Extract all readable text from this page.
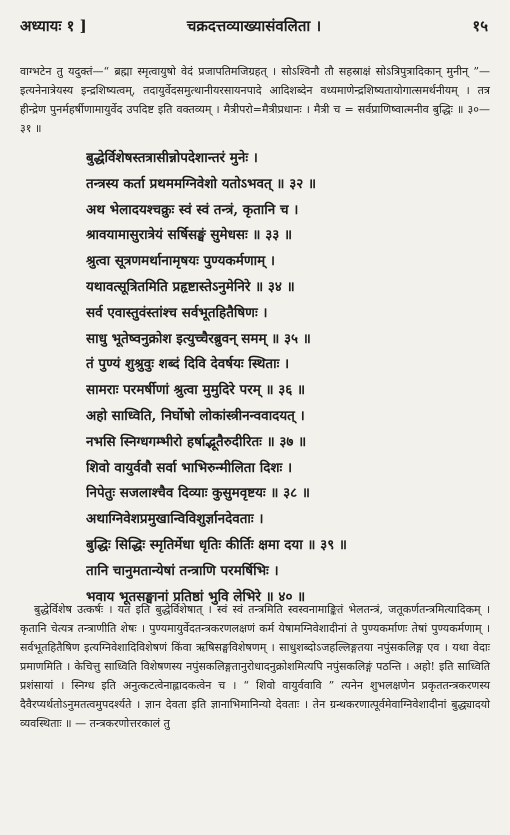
अध्यायः १ ]	चक्रदत्तव्याख्यासंवलिता ।	१५

वाग्भटेन तु यदुक्तं—“ ब्रह्मा स्मृत्वायुषो वेदं प्रजापतिमजिग्रहत् । सोऽश्विनौ तौ सहस्राक्षं सोऽत्रिपुत्रादिकान् मुनीन् ”—इत्यनेनात्रेयस्य इन्द्रशिष्यत्वम्, तदायुर्वेदसमुत्थानीयरसायनपादे आदिशब्देन वध्यमाणेन्द्रशिष्यतायोगात्समर्थनीयम् । तत्र हीन्द्रेण पुनर्महर्षीणामायुर्वेद उपदिष्ट इति वक्तव्यम् । मैत्रीपरो=मैत्रीप्रधानः । मैत्री च = सर्वप्राणिष्वात्मनीव बुद्धिः ॥ ३०—३१ ॥

बुद्धेर्विशेषस्तत्रासीन्नोपदेशान्तरं मुनेः ।
तन्त्रस्य कर्ता प्रथममग्निवेशो यतोऽभवत् ॥ ३२ ॥
अथ भेलादयश्चक्रुः स्वं स्वं तन्त्रं, कृतानि च ।
श्रावयामासुरात्रेयं सर्षिसङ्घं सुमेधसः ॥ ३३ ॥
श्रुत्वा सूत्रणमर्थानामृषयः पुण्यकर्मणाम् ।
यथावत्सूत्रितमिति प्रहृष्टास्तेऽनुमेनिरे ॥ ३४ ॥
सर्व एवास्तुवंस्तांश्च सर्वभूतहितैषिणः ।
साधु भूतेष्वनुक्रोश इत्युच्चैरब्रुवन् समम् ॥ ३५ ॥
तं पुण्यं शुश्रुवुः शब्दं दिवि देवर्षयः स्थिताः ।
सामराः परमर्षीणां श्रुत्वा मुमुदिरे परम् ॥ ३६ ॥
अहो साध्विति, निर्घोषो लोकांस्त्रीनन्ववादयत् ।
नभसि स्निग्धगम्भीरो हर्षाद्भूतैरुदीरितः ॥ ३७ ॥
शिवो वायुर्ववौ सर्वा भाभिरुन्मीलिता दिशः ।
निपेतुः सजलाश्चैव दिव्याः कुसुमवृष्टयः ॥ ३८ ॥
अथाग्निवेशप्रमुखान्विविशुर्ज्ञानदेवताः ।
बुद्धिः सिद्धिः स्मृतिर्मेधा धृतिः कीर्तिः क्षमा दया ॥ ३९ ॥
तानि चानुमतान्येषां तन्त्राणि परमर्षिभिः ।
भवाय भूतसङ्घानां प्रतिष्ठां भुवि लेभिरे ॥ ४० ॥

बुद्धेर्विशेष उत्कर्षः । यत इति बुद्धेर्विशेषात् । स्वं स्वं तन्त्रमिति स्वस्वनामाङ्कितं भेलतन्त्रं, जतूकर्णतन्त्रमित्यादिकम् । कृतानि चेत्यत्र तन्त्राणीति शेषः । पुण्यमायुर्वेदतन्त्रकरणलक्षणं कर्म येषामग्निवेशादीनां ते पुण्यकर्माणः तेषां पुण्यकर्मणाम् । सर्वभूतहितैषिण इत्यग्निवेशादिविशेषणं किंवा ऋषिसङ्घविशेषणम् । साधुशब्दोऽजहल्लिङ्गतया नपुंसकलिङ्ग एव । यथा वेदाः प्रमाणमिति । केचित्तु साध्विति विशेषणस्य नपुंसकलिङ्गतानुरोधादनुक्रोशमित्यपि नपुंसकलिङ्गं पठन्ति । अहो! इति साध्विति प्रशंसायां । स्निग्ध इति अनुत्कटत्वेनाह्लादकत्वेन च । “ शिवो वायुर्ववावि ” त्यनेन शुभलक्षणेन प्रकृततन्त्रकरणस्य दैवैरप्यर्थतोऽनुमतत्वमुपदर्श्यते । ज्ञान देवता इति ज्ञानाभिमानिन्यो देवताः । तेन ग्रन्थकरणात्पूर्वमेवाग्निवेशादीनां बुद्ध्यादयो व्यवस्थिताः ॥ — तन्त्रकरणोत्तरकालं तु
